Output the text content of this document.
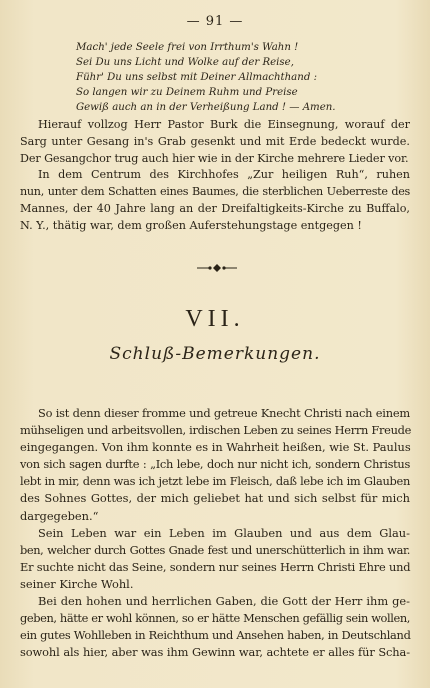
— 91 —
Mach' jede Seele frei von Irrthum's Wahn !
Sei Du uns Licht und Wolke auf der Reise,
Führ' Du uns selbst mit Deiner Allmachthand :
So langen wir zu Deinem Ruhm und Preise
Gewiß auch an in der Verheißung Land ! — Amen.

Hierauf vollzog Herr Pastor Burk die Einsegnung, worauf der

Sarg unter Gesang in's Grab gesenkt und mit Erde bedeckt wurde.
Der Gesangchor trug auch hier wie in der Kirche mehrere Lieder vor.

In dem Centrum des Kirchhofes „Zur heiligen Ruh“, ruhen

nun, unter dem Schatten eines Baumes, die sterblichen Ueberreste des
Mannes, der 40 Jahre lang an der Dreifaltigkeits-Kirche zu Buffalo,
N. Y., thätig war, dem großen Auferstehungstage entgegen !

VII.
Schluß-Bemerkungen.

So ist denn dieser fromme und getreue Knecht Christi nach einem

mühseligen und arbeitsvollen, irdischen Leben zu seines Herrn Freude
eingegangen. Von ihm konnte es in Wahrheit heißen, wie St. Paulus
von sich sagen durfte : „Ich lebe, doch nur nicht ich, sondern Christus
lebt in mir, denn was ich jetzt lebe im Fleisch, daß lebe ich im Glauben
des Sohnes Gottes, der mich geliebet hat und sich selbst für mich
dargegeben.“

Sein Leben war ein Leben im Glauben und aus dem Glau-

ben, welcher durch Gottes Gnade fest und unerschütterlich in ihm war.
Er suchte nicht das Seine, sondern nur seines Herrn Christi Ehre und
seiner Kirche Wohl.

Bei den hohen und herrlichen Gaben, die Gott der Herr ihm ge-

geben, hätte er wohl können, so er hätte Menschen gefällig sein wollen,
ein gutes Wohlleben in Reichthum und Ansehen haben, in Deutschland
sowohl als hier, aber was ihm Gewinn war, achtete er alles für Scha-
